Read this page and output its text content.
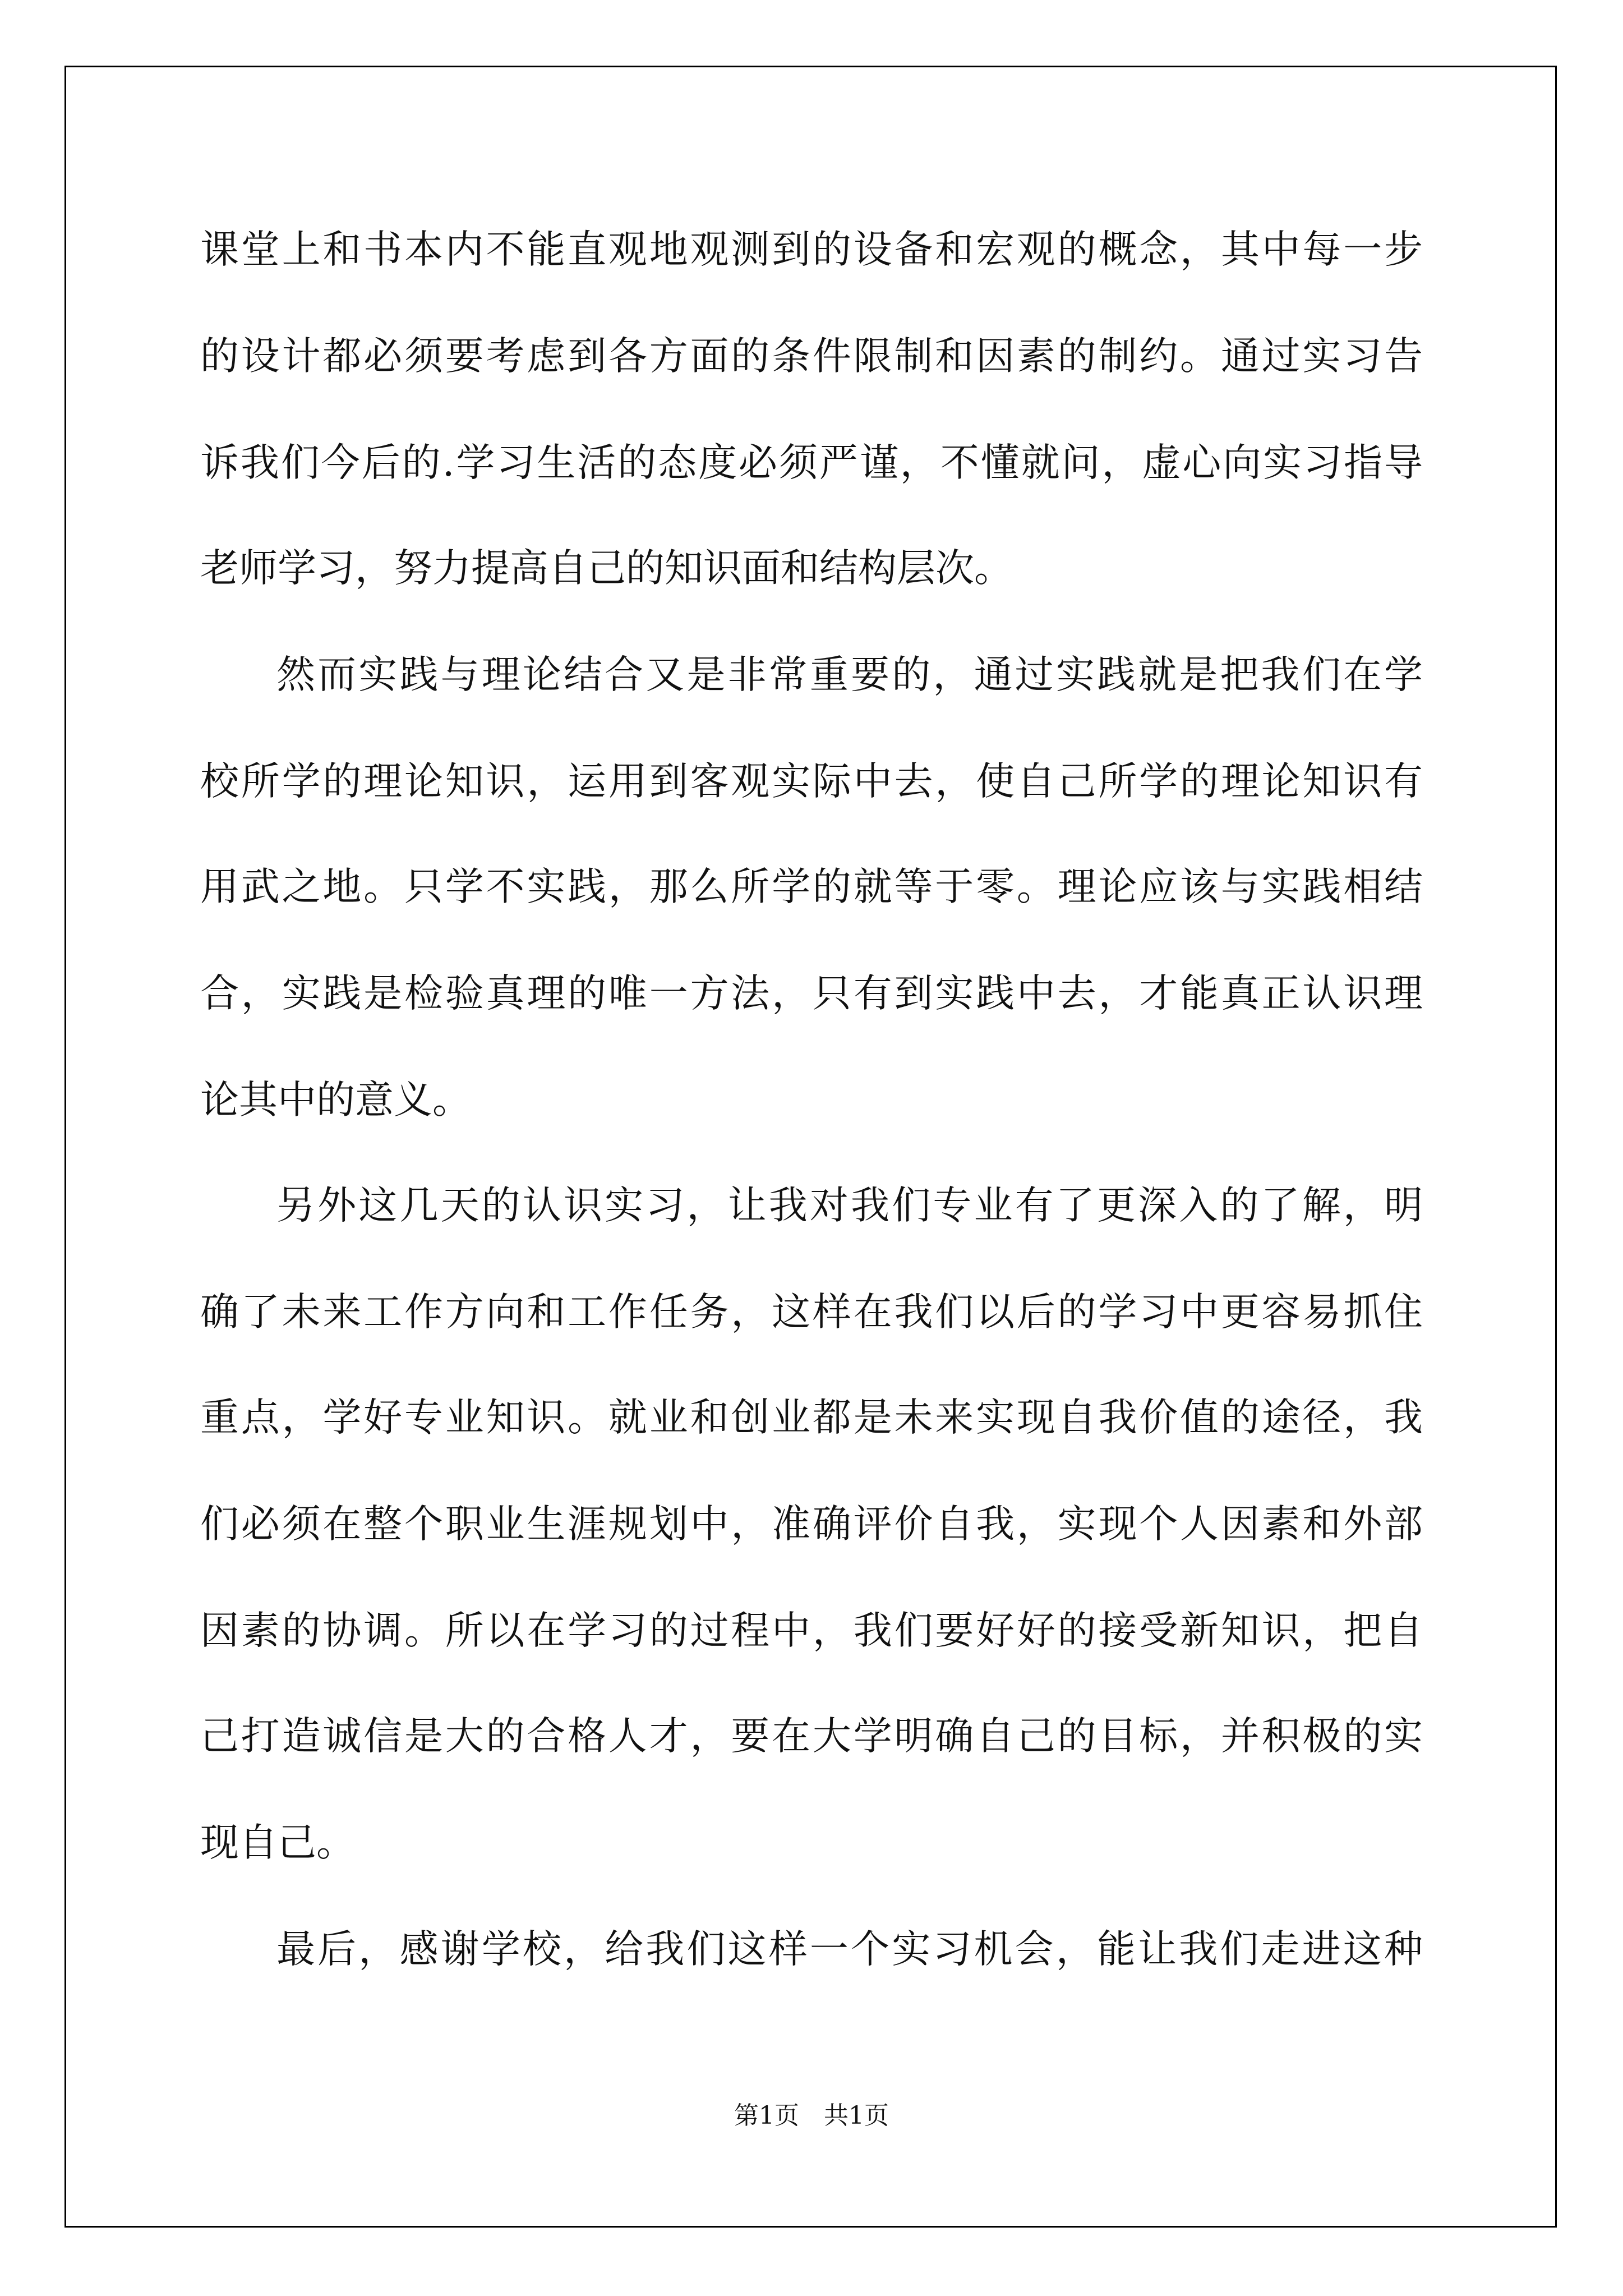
课堂上和书本内不能直观地观测到的设备和宏观的概念，其中每一步
的设计都必须要考虑到各方面的条件限制和因素的制约。通过实习告
诉我们今后的.学习生活的态度必须严谨，不懂就问，虚心向实习指导
老师学习，努力提高自己的知识面和结构层次。
然而实践与理论结合又是非常重要的，通过实践就是把我们在学
校所学的理论知识，运用到客观实际中去，使自己所学的理论知识有
用武之地。只学不实践，那么所学的就等于零。理论应该与实践相结
合，实践是检验真理的唯一方法，只有到实践中去，才能真正认识理
论其中的意义。
另外这几天的认识实习，让我对我们专业有了更深入的了解，明
确了未来工作方向和工作任务，这样在我们以后的学习中更容易抓住
重点，学好专业知识。就业和创业都是未来实现自我价值的途径，我
们必须在整个职业生涯规划中，准确评价自我，实现个人因素和外部
因素的协调。所以在学习的过程中，我们要好好的接受新知识，把自
己打造诚信是大的合格人才，要在大学明确自己的目标，并积极的实
现自己。
最后，感谢学校，给我们这样一个实习机会，能让我们走进这种
第1页　共1页
